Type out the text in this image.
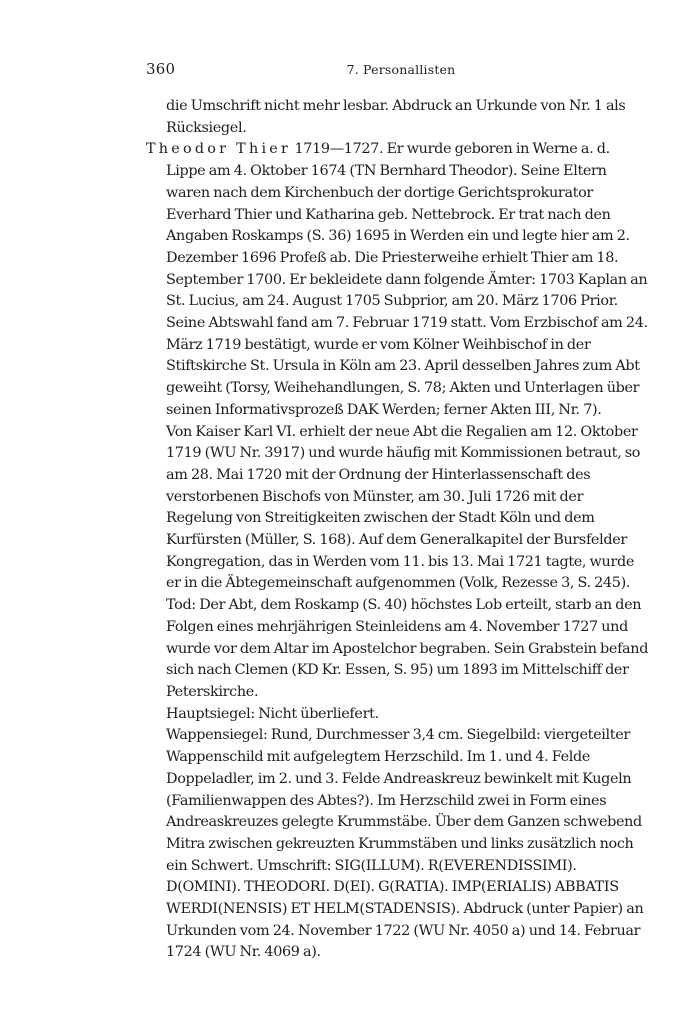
360	7. Personallisten

die Umschrift nicht mehr lesbar. Abdruck an Urkunde von Nr. 1 als Rücksiegel.

Theodor Thier 1719—1727. Er wurde geboren in Werne a. d. Lippe am 4. Oktober 1674 (TN Bernhard Theodor). Seine Eltern waren nach dem Kirchenbuch der dortige Gerichtsprokurator Everhard Thier und Katharina geb. Nettebrock. Er trat nach den Angaben Roskamps (S. 36) 1695 in Werden ein und legte hier am 2. Dezember 1696 Profeß ab. Die Priesterweihe erhielt Thier am 18. September 1700. Er bekleidete dann folgende Ämter: 1703 Kaplan an St. Lucius, am 24. August 1705 Subprior, am 20. März 1706 Prior. Seine Abtswahl fand am 7. Februar 1719 statt. Vom Erzbischof am 24. März 1719 bestätigt, wurde er vom Kölner Weihbischof in der Stiftskirche St. Ursula in Köln am 23. April desselben Jahres zum Abt geweiht (Torsy, Weihehandlungen, S. 78; Akten und Unterlagen über seinen Informativsprozeß DAK Werden; ferner Akten III, Nr. 7).

Von Kaiser Karl VI. erhielt der neue Abt die Regalien am 12. Oktober 1719 (WU Nr. 3917) und wurde häufig mit Kommissionen betraut, so am 28. Mai 1720 mit der Ordnung der Hinterlassenschaft des verstorbenen Bischofs von Münster, am 30. Juli 1726 mit der Regelung von Streitigkeiten zwischen der Stadt Köln und dem Kurfürsten (Müller, S. 168). Auf dem Generalkapitel der Bursfelder Kongregation, das in Werden vom 11. bis 13. Mai 1721 tagte, wurde er in die Äbtegemeinschaft aufgenommen (Volk, Rezesse 3, S. 245).

Tod: Der Abt, dem Roskamp (S. 40) höchstes Lob erteilt, starb an den Folgen eines mehrjährigen Steinleidens am 4. November 1727 und wurde vor dem Altar im Apostelchor begraben. Sein Grabstein befand sich nach Clemen (KD Kr. Essen, S. 95) um 1893 im Mittelschiff der Peterskirche.

Hauptsiegel: Nicht überliefert.

Wappensiegel: Rund, Durchmesser 3,4 cm. Siegelbild: viergeteilter Wappenschild mit aufgelegtem Herzschild. Im 1. und 4. Felde Doppeladler, im 2. und 3. Felde Andreaskreuz bewinkelt mit Kugeln (Familienwappen des Abtes?). Im Herzschild zwei in Form eines Andreaskreuzes gelegte Krummstäbe. Über dem Ganzen schwebend Mitra zwischen gekreuzten Krummstäben und links zusätzlich noch ein Schwert. Umschrift: SIG(ILLUM). R(EVERENDISSIMI). D(OMINI). THEODORI. D(EI). G(RATIA). IMP(ERIALIS) ABBATIS WERDI(NENSIS) ET HELM(STADENSIS). Abdruck (unter Papier) an Urkunden vom 24. November 1722 (WU Nr. 4050 a) und 14. Februar 1724 (WU Nr. 4069 a).
